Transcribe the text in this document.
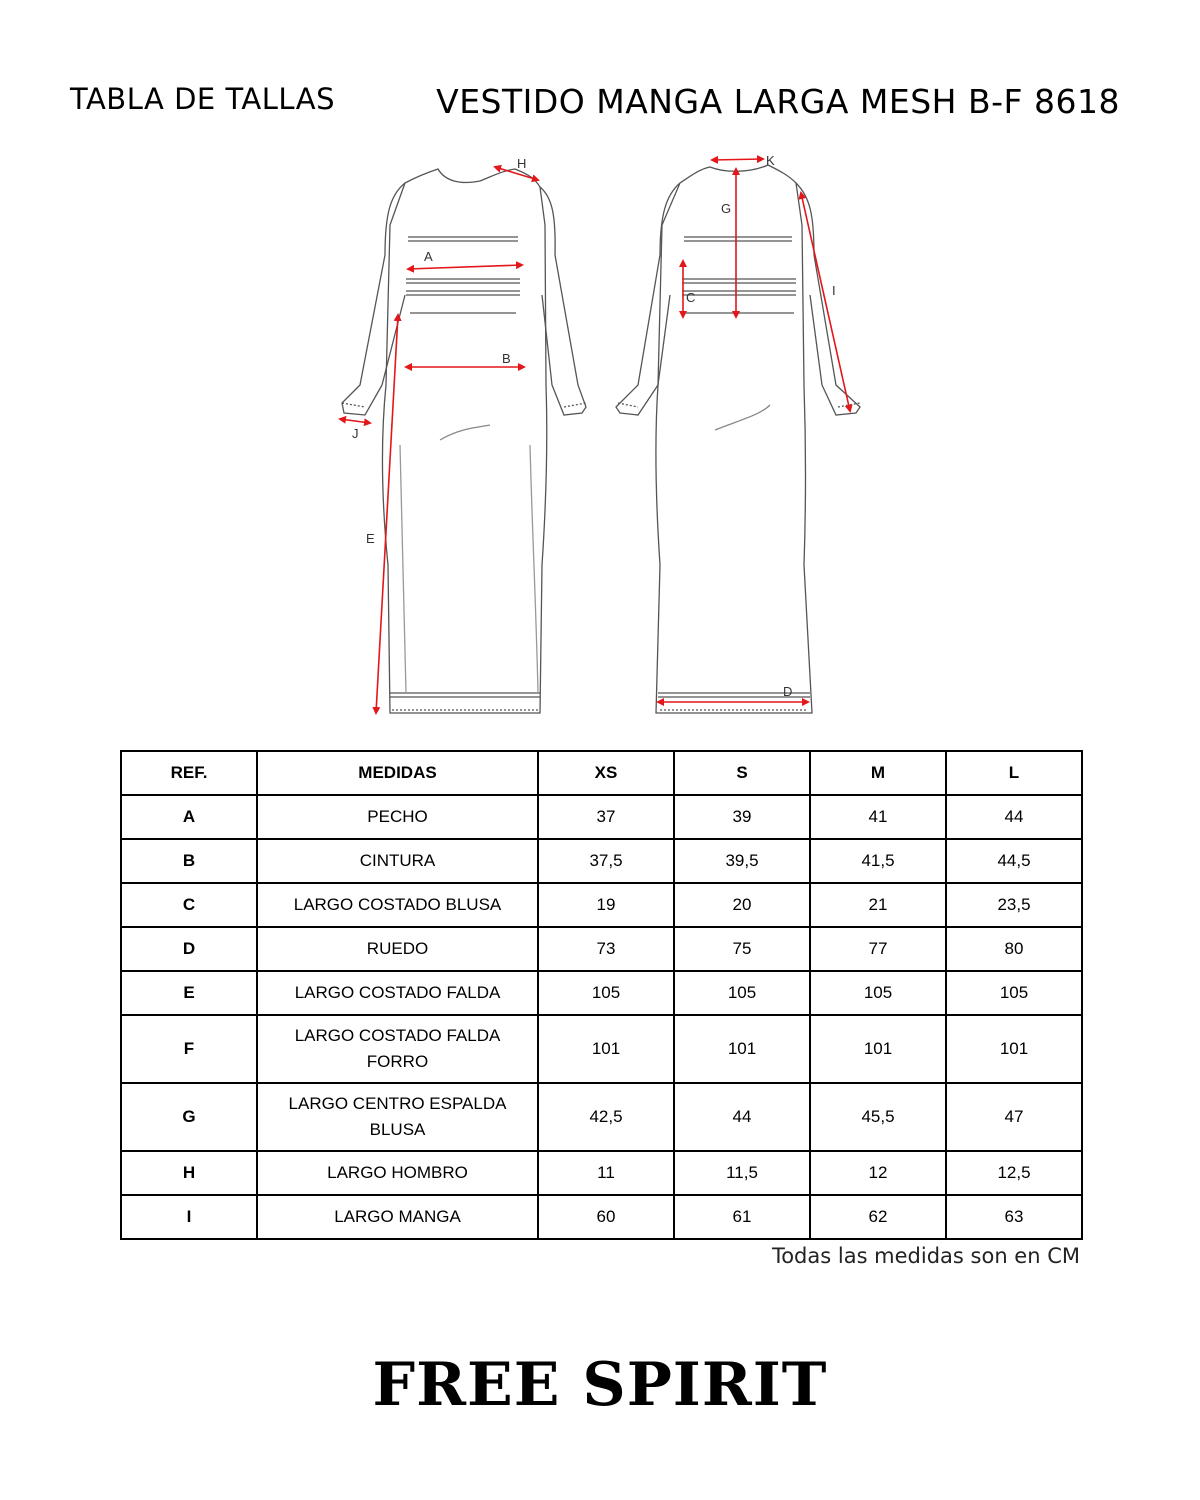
TABLA DE TALLAS	VESTIDO MANGA LARGA MESH B-F 8618
H
A
B
J
E
K
G
C	I
D
REF.	MEDIDAS	XS	S	M	L
A	PECHO	37	39	41	44
B	CINTURA	37,5	39,5	41,5	44,5
C	LARGO COSTADO BLUSA	19	20	21	23,5
D	RUEDO	73	75	77	80
E	LARGO COSTADO FALDA	105	105	105	105
F	LARGO COSTADO FALDA FORRO	101	101	101	101
G	LARGO CENTRO ESPALDA BLUSA	42,5	44	45,5	47
H	LARGO HOMBRO	11	11,5	12	12,5
I	LARGO MANGA	60	61	62	63
Todas las medidas son en CM
FREE SPIRIT
